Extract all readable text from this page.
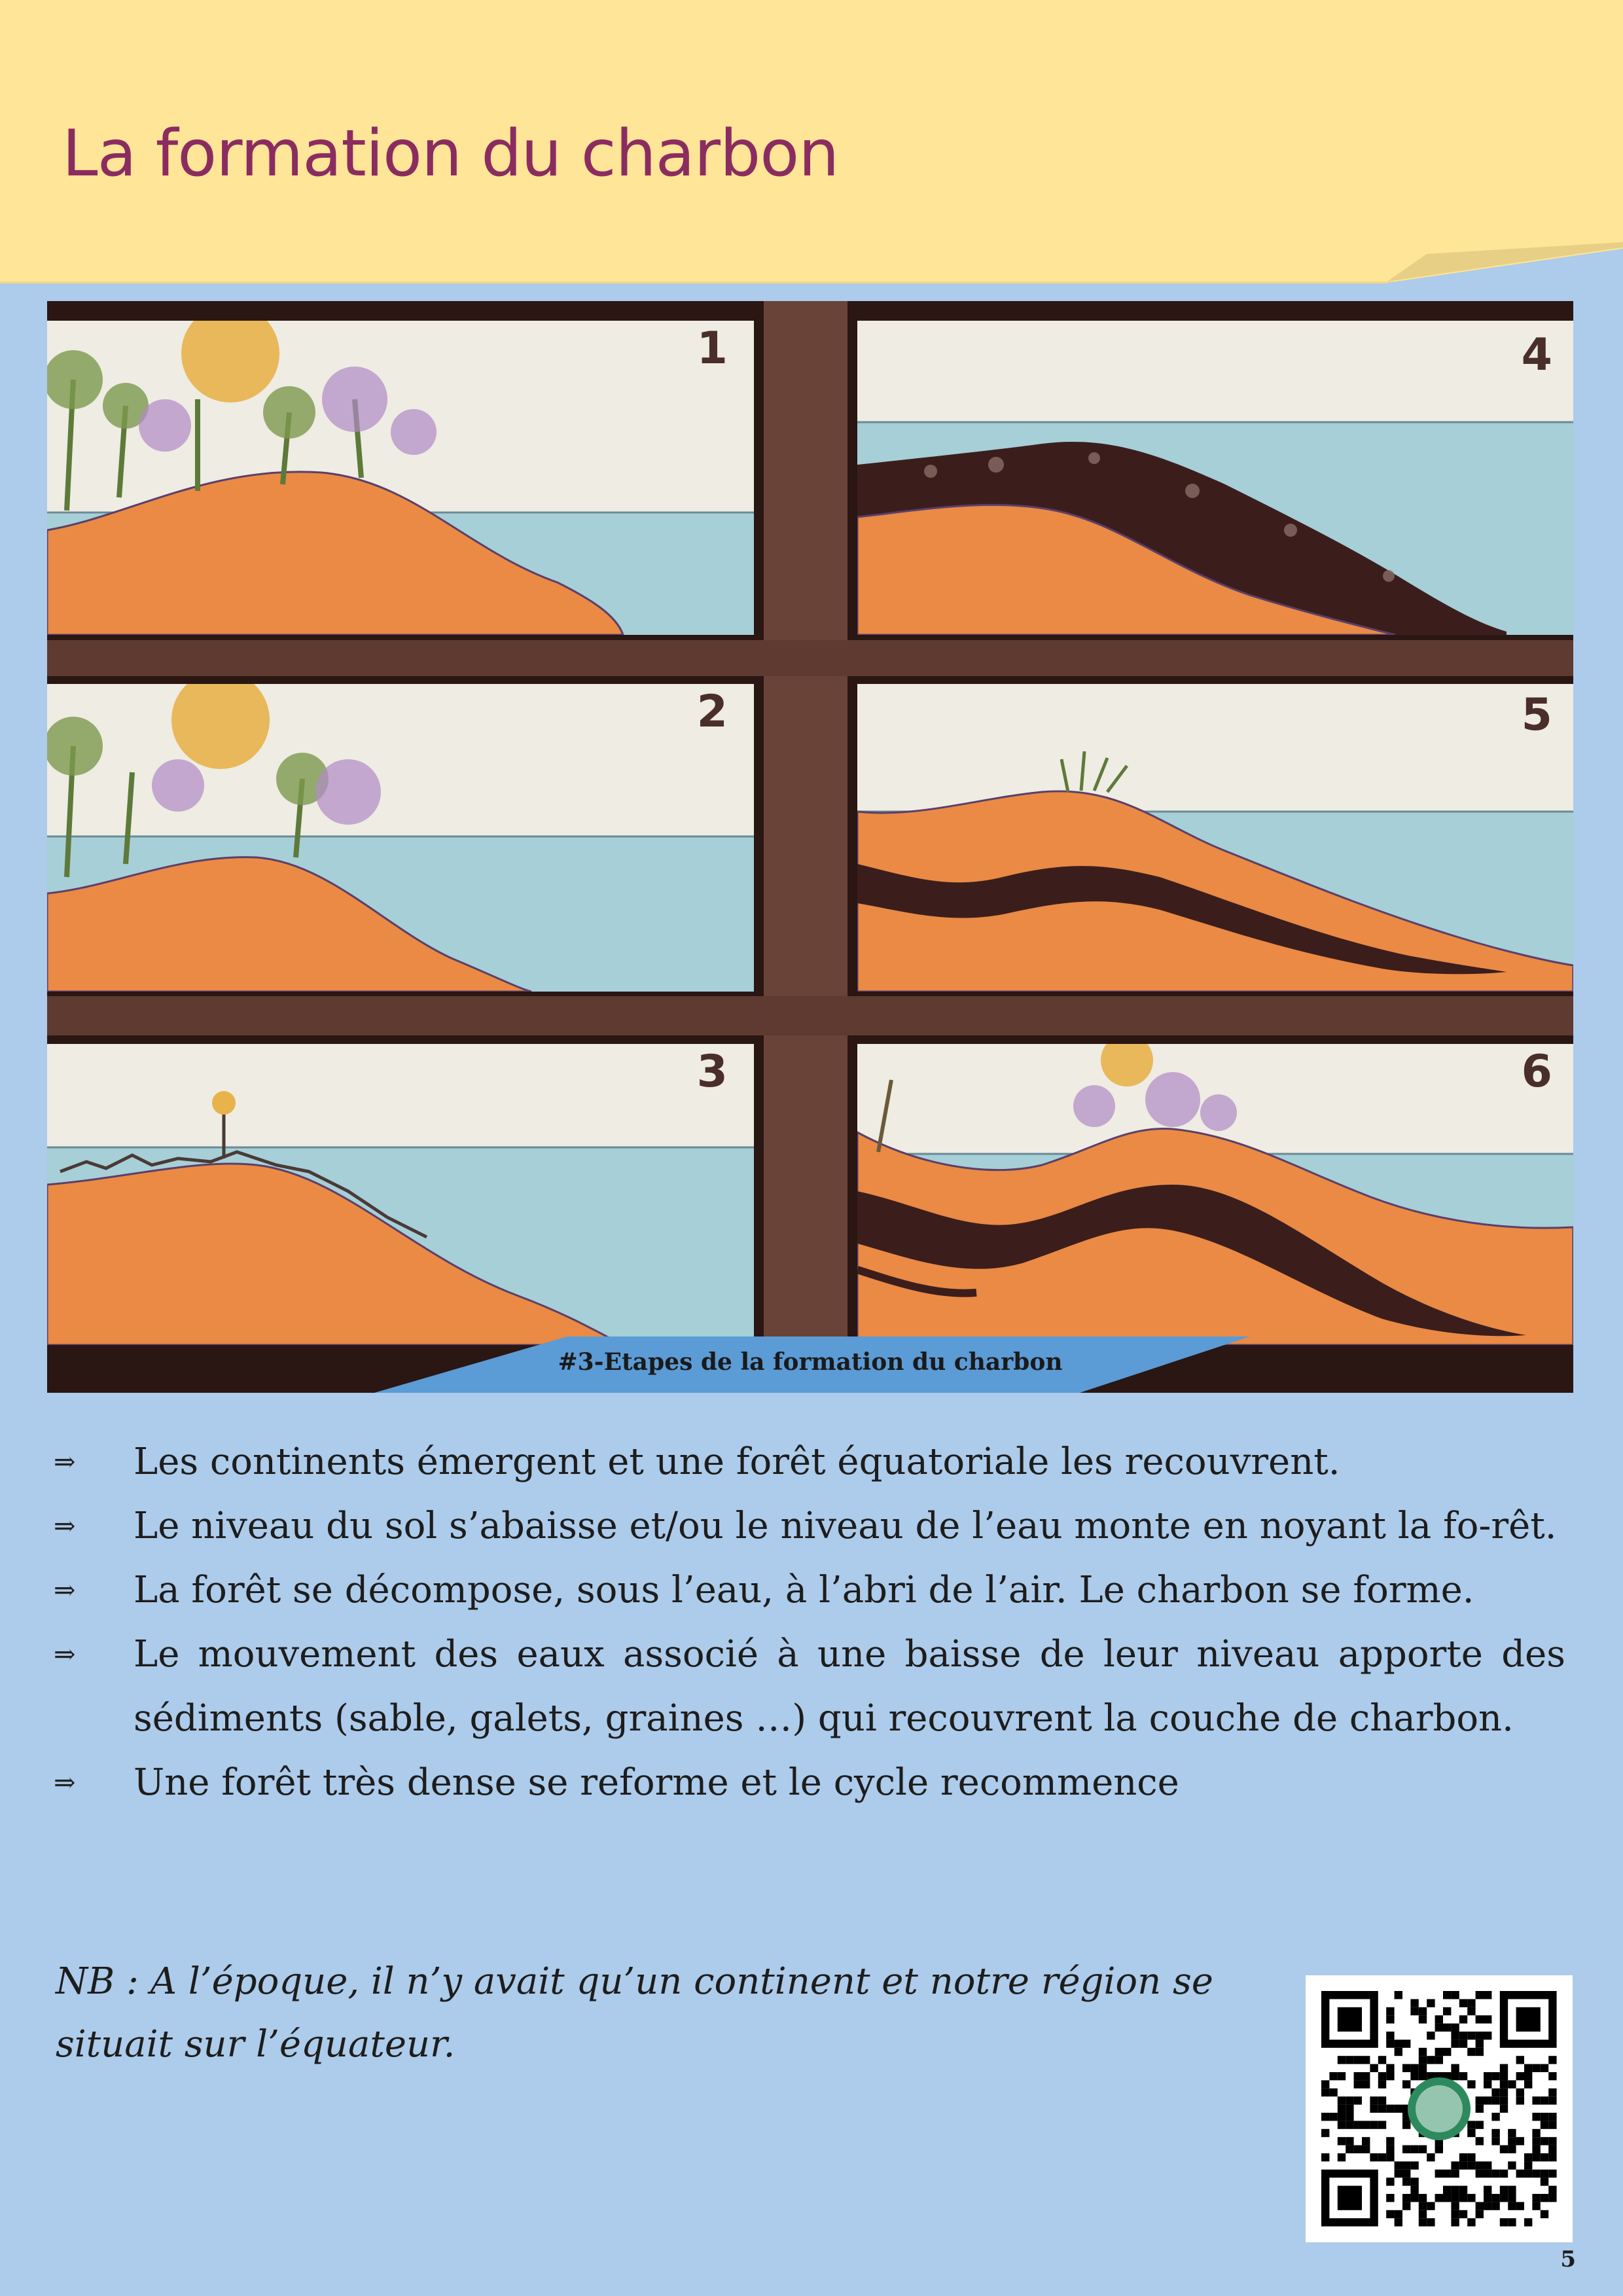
La formation du charbon
1
2
3
4
5
6
#3-Etapes de la formation du charbon
⇒	Les continents émergent et une forêt équatoriale les recouvrent.
⇒	Le niveau du sol s’abaisse et/ou le niveau de l’eau monte en noyant la fo-rêt.
⇒	La forêt se décompose, sous l’eau, à l’abri de l’air. Le charbon se forme.
⇒	Le mouvement des eaux associé à une baisse de leur niveau apporte des sédiments (sable, galets, graines …) qui recouvrent la couche de charbon.
⇒	Une forêt très dense se reforme et le cycle recommence

NB : A l’époque, il n’y avait qu’un continent et notre région se situait sur l’équateur.

5
